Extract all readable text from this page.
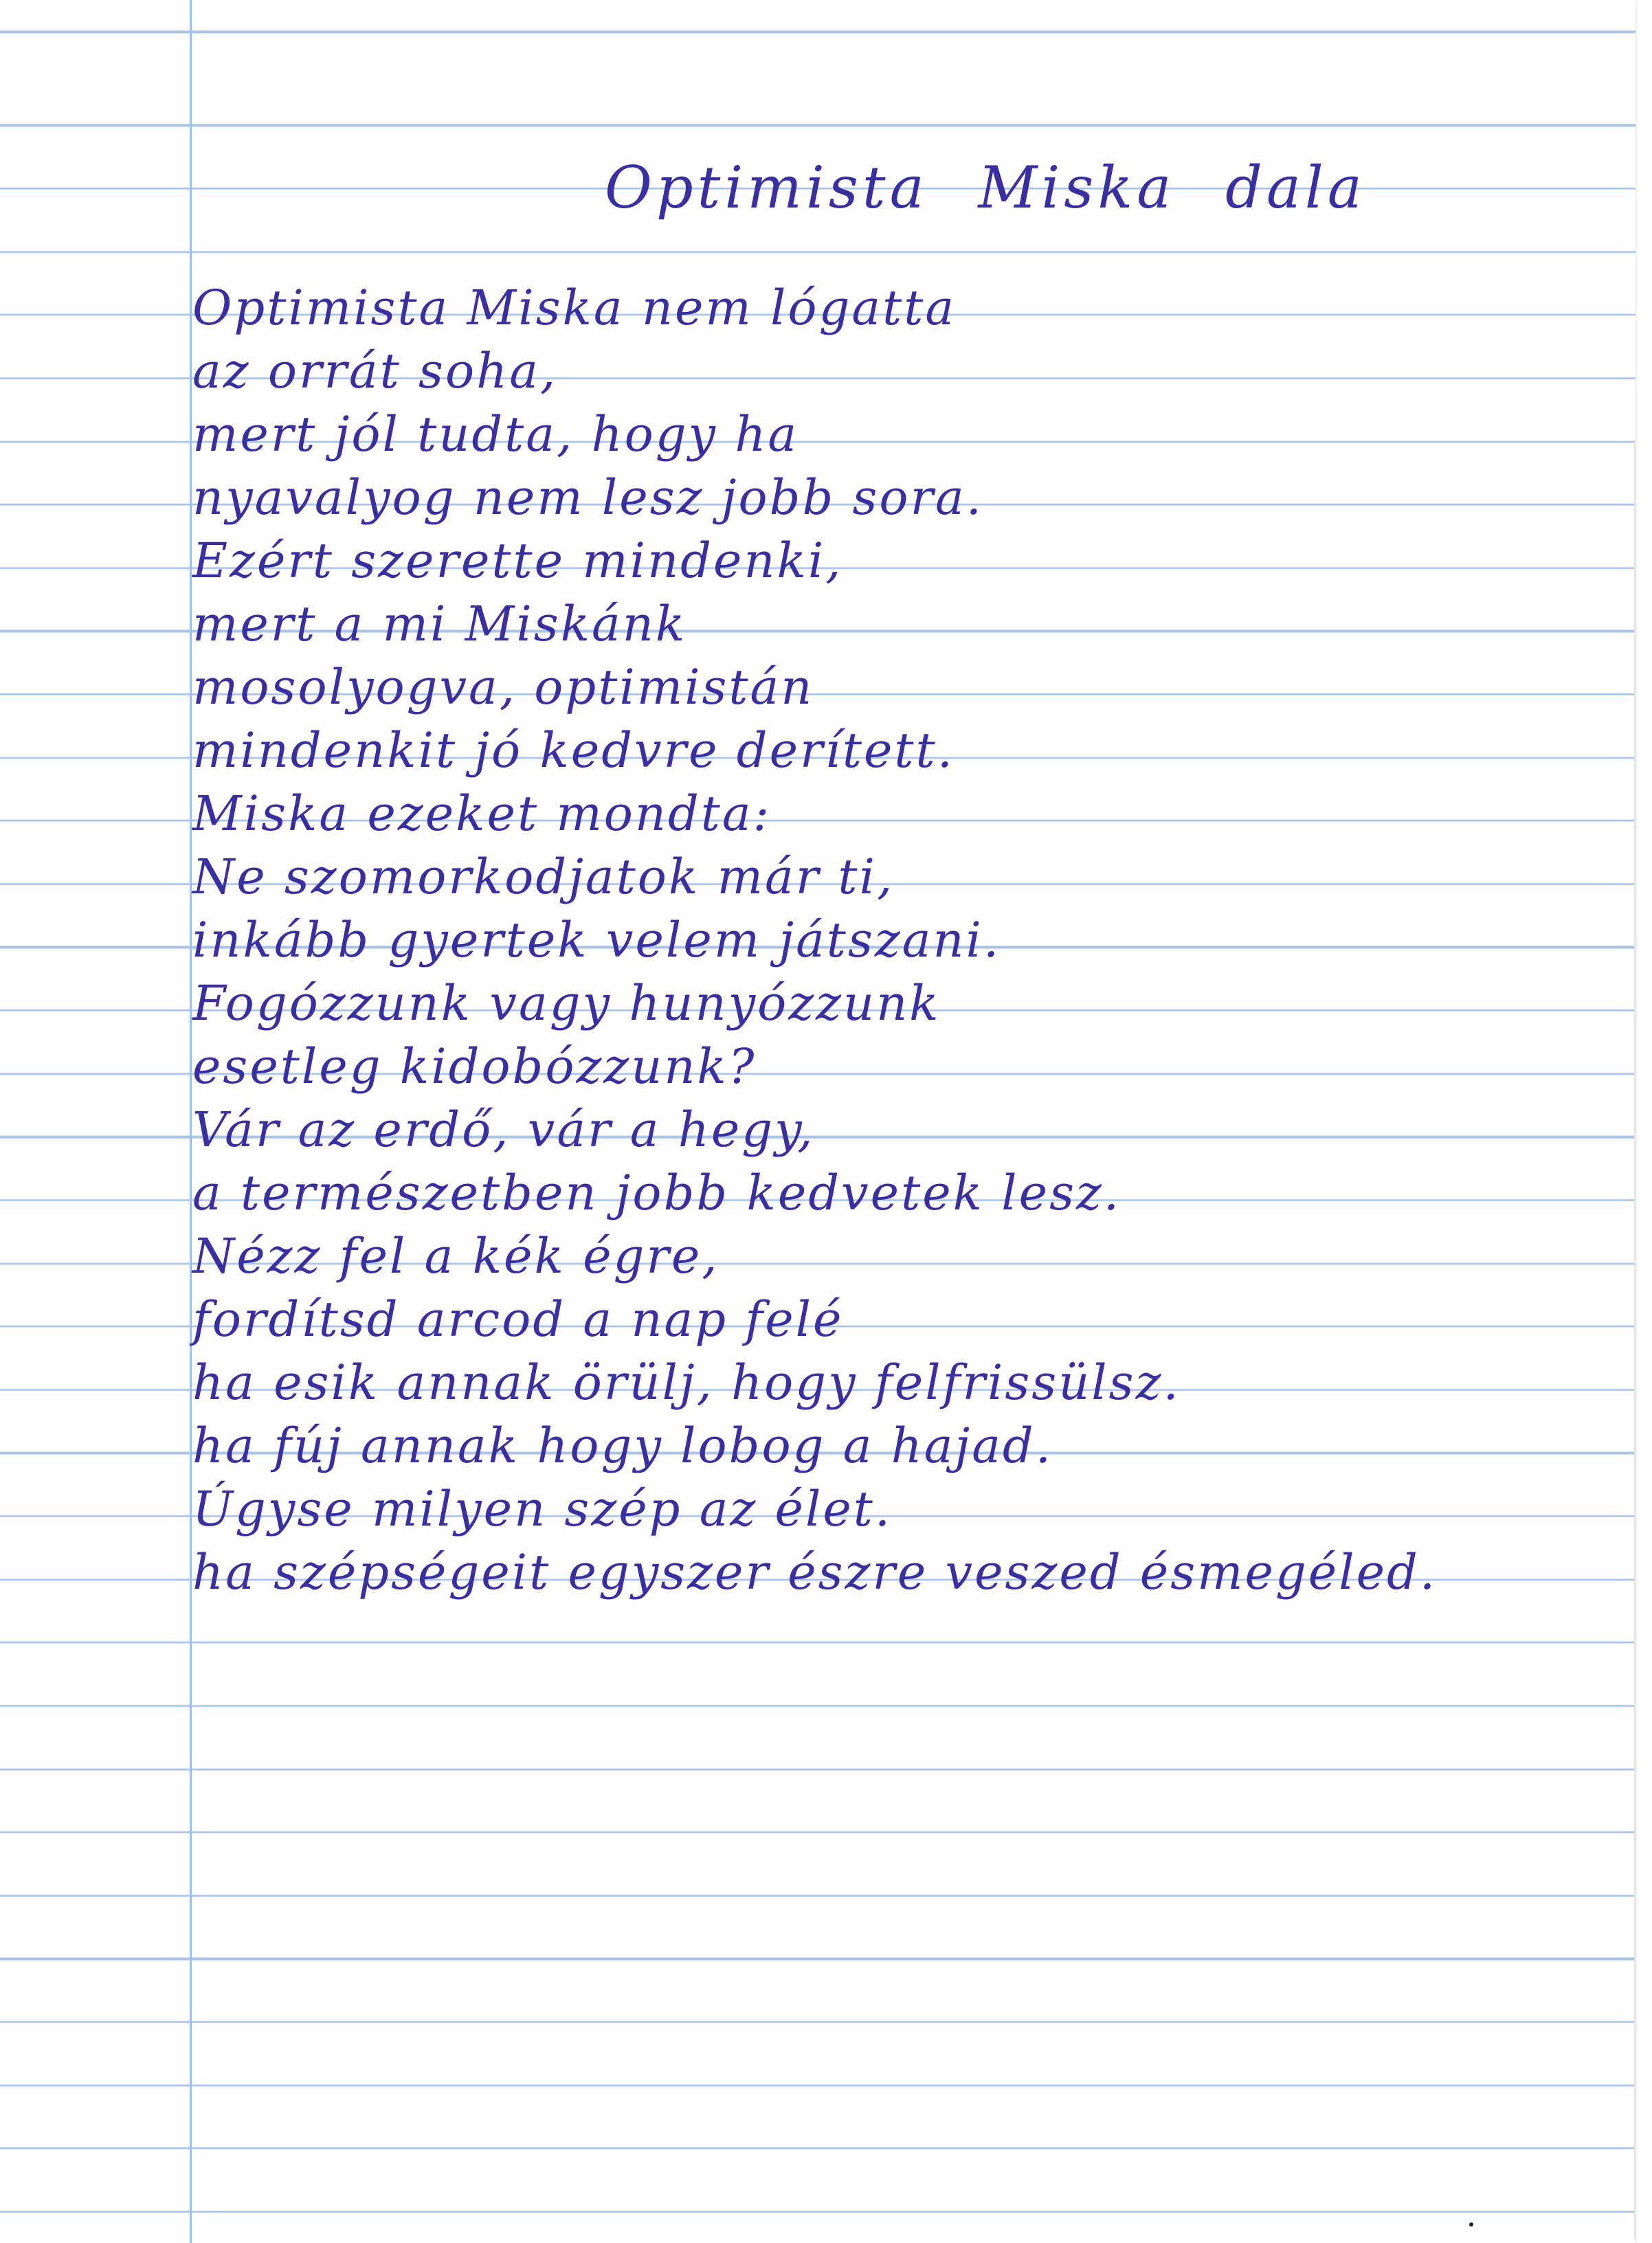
Optimista Miska dala
Optimista Miska nem lógatta
az orrát soha,
mert jól tudta, hogy ha
nyavalyog nem lesz jobb sora.
Ezért szerette mindenki,
mert a mi Miskánk
mosolyogva, optimistán
mindenkit jó kedvre derített.
Miska ezeket mondta:
Ne szomorkodjatok már ti,
inkább gyertek velem játszani.
Fogózzunk vagy hunyózzunk
esetleg kidobózzunk?
Vár az erdő, vár a hegy,
a természetben jobb kedvetek lesz.
Nézz fel a kék égre,
fordítsd arcod a nap felé
ha esik annak örülj, hogy felfrissülsz.
ha fúj annak hogy lobog a hajad.
Úgyse milyen szép az élet.
ha szépségeit egyszer észre veszed ésmegéled.
